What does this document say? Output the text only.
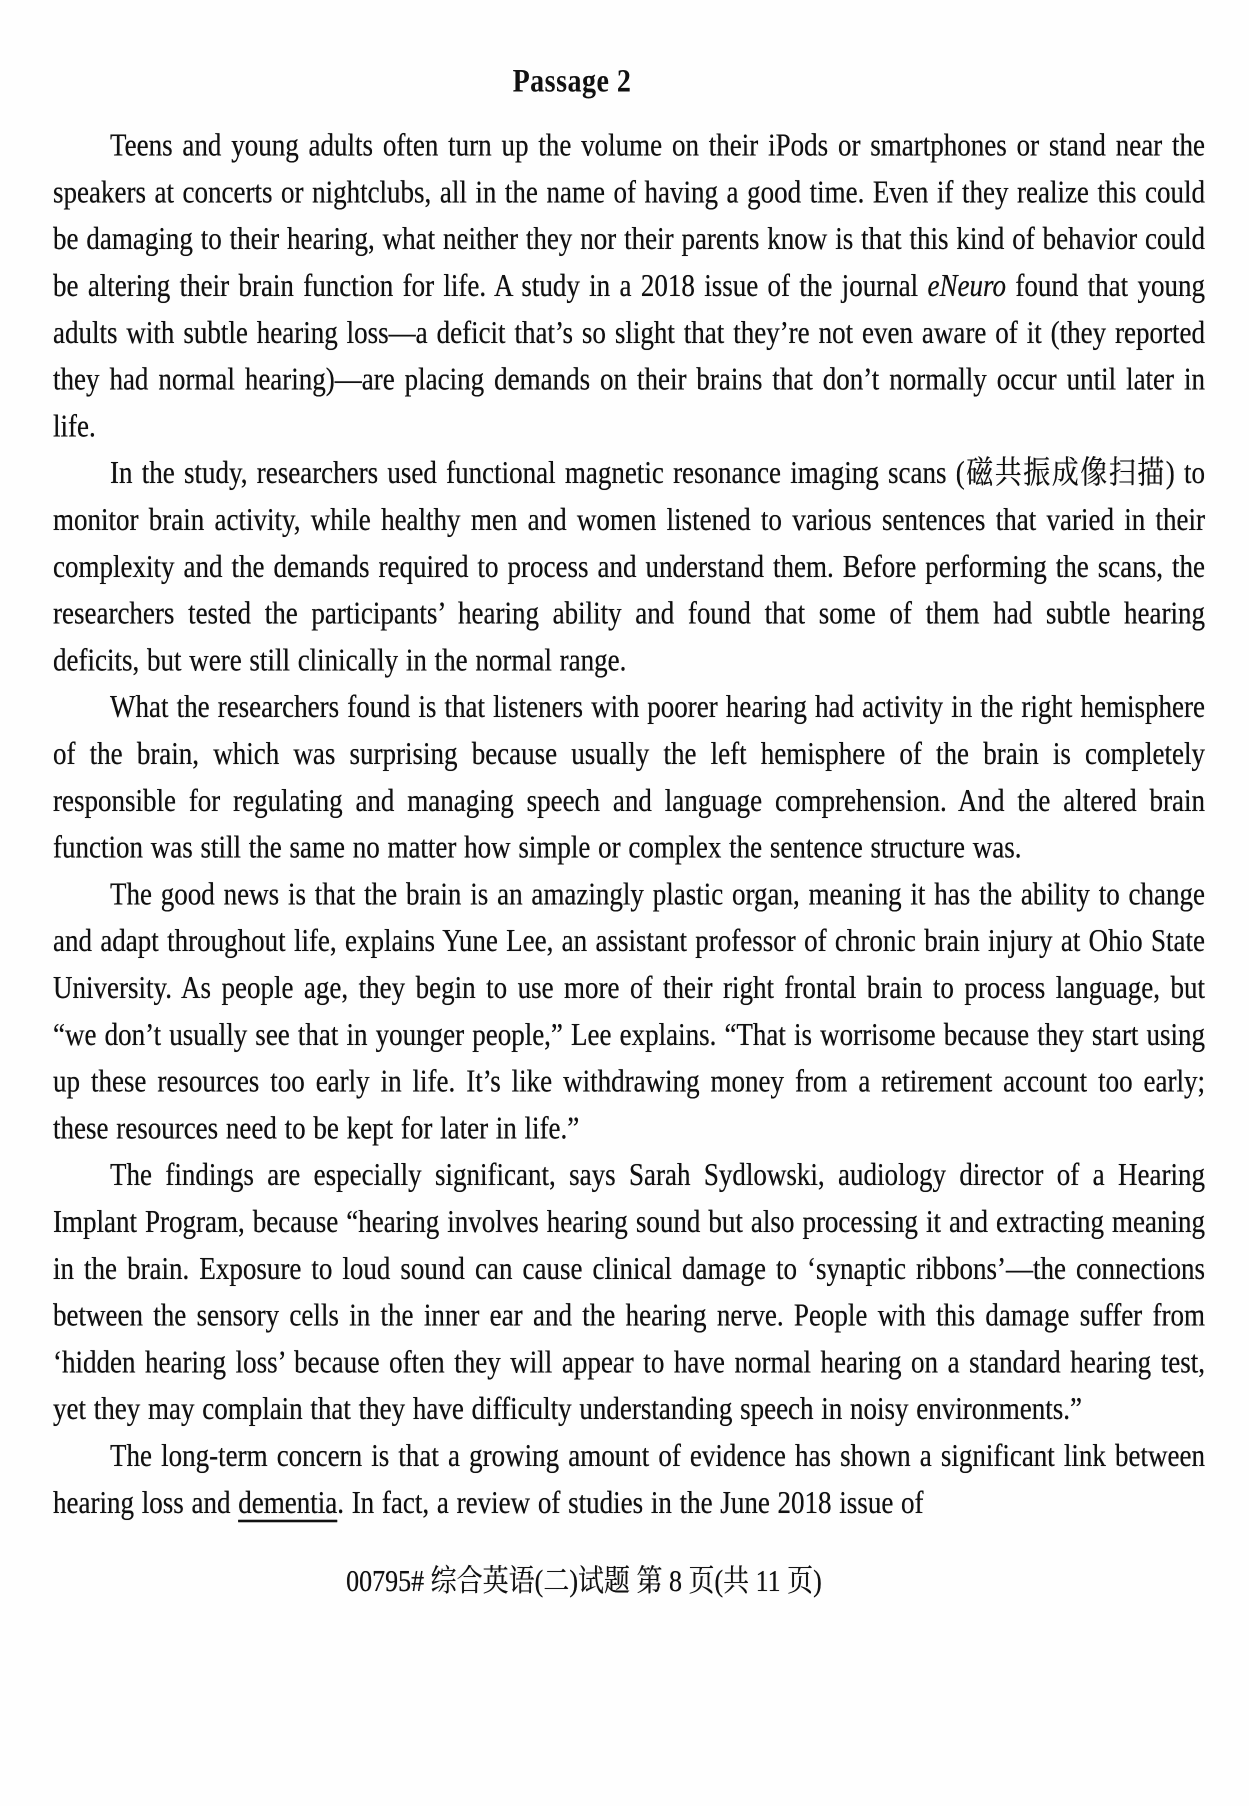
Passage 2

Teens and young adults often turn up the volume on their iPods or smartphones or stand near the speakers at concerts or nightclubs, all in the name of having a good time. Even if they realize this could be damaging to their hearing, what neither they nor their parents know is that this kind of behavior could be altering their brain function for life. A study in a 2018 issue of the journal eNeuro found that young adults with subtle hearing loss—a deficit that’s so slight that they’re not even aware of it (they reported they had normal hearing)—are placing demands on their brains that don’t normally occur until later in life.

In the study, researchers used functional magnetic resonance imaging scans (磁共振成像扫描) to monitor brain activity, while healthy men and women listened to various sentences that varied in their complexity and the demands required to process and understand them. Before performing the scans, the researchers tested the participants’ hearing ability and found that some of them had subtle hearing deficits, but were still clinically in the normal range.

What the researchers found is that listeners with poorer hearing had activity in the right hemisphere of the brain, which was surprising because usually the left hemisphere of the brain is completely responsible for regulating and managing speech and language comprehension. And the altered brain function was still the same no matter how simple or complex the sentence structure was.

The good news is that the brain is an amazingly plastic organ, meaning it has the ability to change and adapt throughout life, explains Yune Lee, an assistant professor of chronic brain injury at Ohio State University. As people age, they begin to use more of their right frontal brain to process language, but “we don’t usually see that in younger people,” Lee explains. “That is worrisome because they start using up these resources too early in life. It’s like withdrawing money from a retirement account too early; these resources need to be kept for later in life.”

The findings are especially significant, says Sarah Sydlowski, audiology director of a Hearing Implant Program, because “hearing involves hearing sound but also processing it and extracting meaning in the brain. Exposure to loud sound can cause clinical damage to ‘synaptic ribbons’—the connections between the sensory cells in the inner ear and the hearing nerve. People with this damage suffer from ‘hidden hearing loss’ because often they will appear to have normal hearing on a standard hearing test, yet they may complain that they have difficulty understanding speech in noisy environments.”

The long-term concern is that a growing amount of evidence has shown a significant link between hearing loss and dementia. In fact, a review of studies in the June 2018 issue of

00795# 综合英语(二)试题 第 8 页(共 11 页)
